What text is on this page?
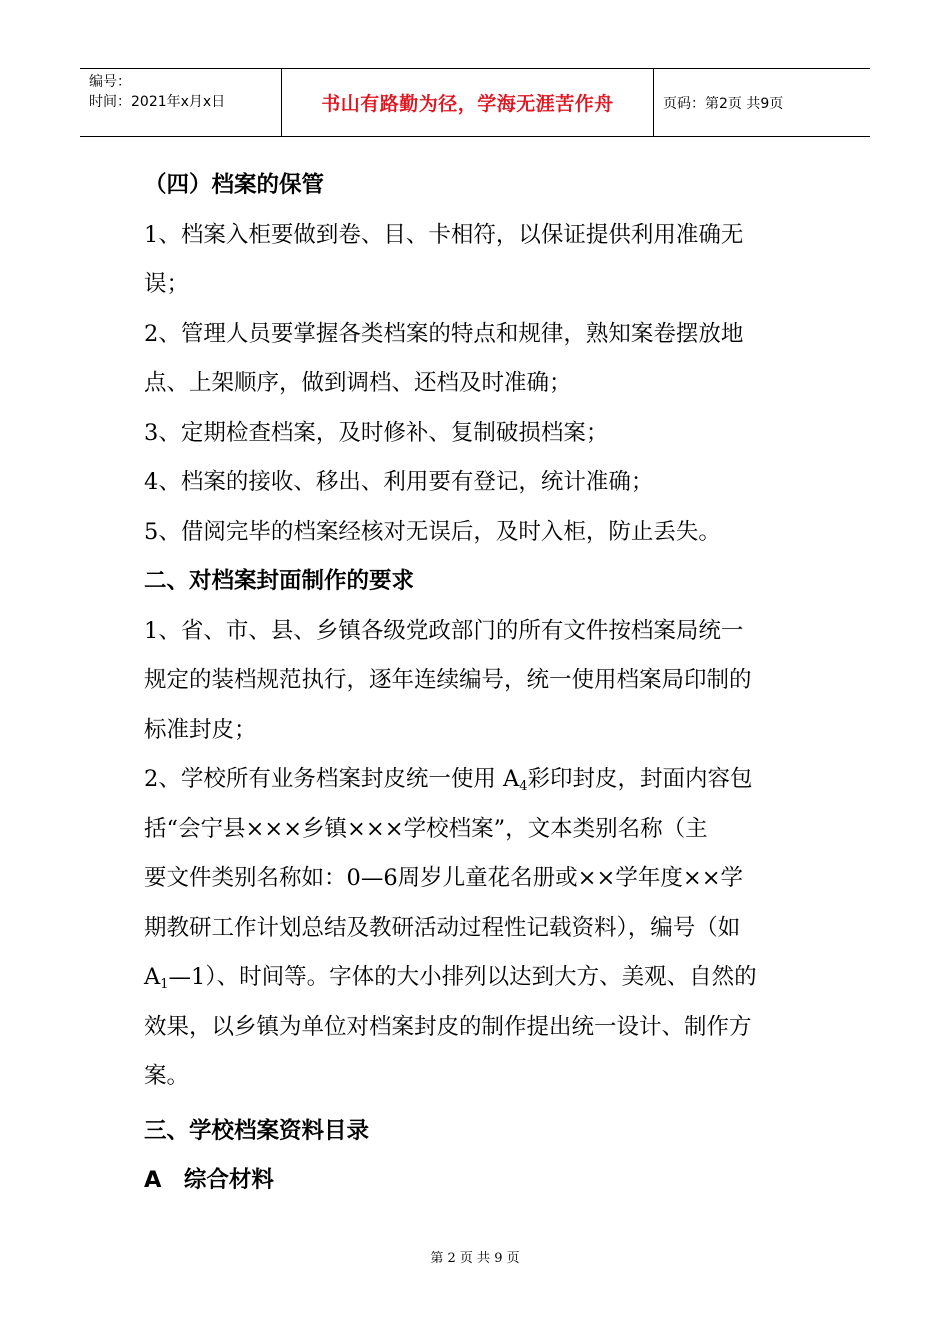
编号：
时间：2021年x月x日	书山有路勤为径，学海无涯苦作舟	页码：第2页 共9页
（四）档案的保管
1、档案入柜要做到卷、目、卡相符，以保证提供利用准确无
误；
2、管理人员要掌握各类档案的特点和规律，熟知案卷摆放地
点、上架顺序，做到调档、还档及时准确；
3、定期检查档案，及时修补、复制破损档案；
4、档案的接收、移出、利用要有登记，统计准确；
5、借阅完毕的档案经核对无误后，及时入柜，防止丢失。
二、对档案封面制作的要求
1、省、市、县、乡镇各级党政部门的所有文件按档案局统一
规定的装档规范执行，逐年连续编号，统一使用档案局印制的
标准封皮；
2、学校所有业务档案封皮统一使用 $A_4$彩印封皮，封面内容包
括“会宁县×××乡镇×××学校档案”，文本类别名称（主
要文件类别名称如：0—6周岁儿童花名册或××学年度××学
期教研工作计划总结及教研活动过程性记载资料），编号（如
$A_1—1$）、时间等。字体的大小排列以达到大方、美观、自然的
效果，以乡镇为单位对档案封皮的制作提出统一设计、制作方
案。
三、学校档案资料目录
A　综合材料
第 2 页 共 9 页
